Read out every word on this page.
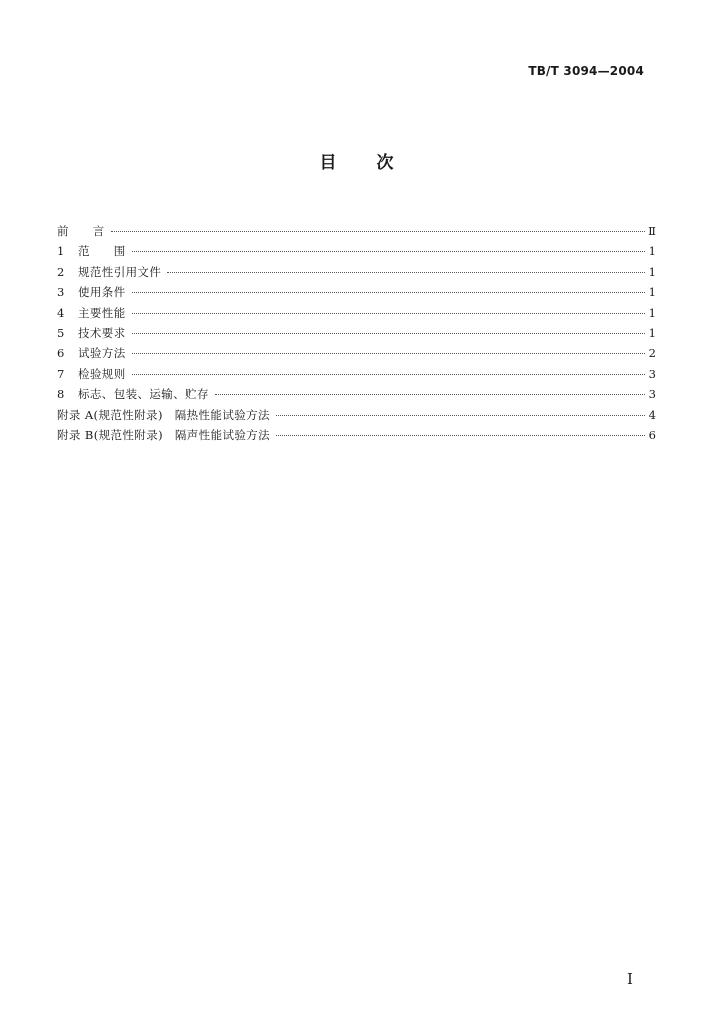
TB/T 3094—2004
目 次
前　　言	Ⅱ
1	范　　围	1
2	规范性引用文件	1
3	使用条件	1
4	主要性能	1
5	技术要求	1
6	试验方法	2
7	检验规则	3
8	标志、包装、运输、贮存	3
附录 A(规范性附录)　隔热性能试验方法	4
附录 B(规范性附录)　隔声性能试验方法	6
I
